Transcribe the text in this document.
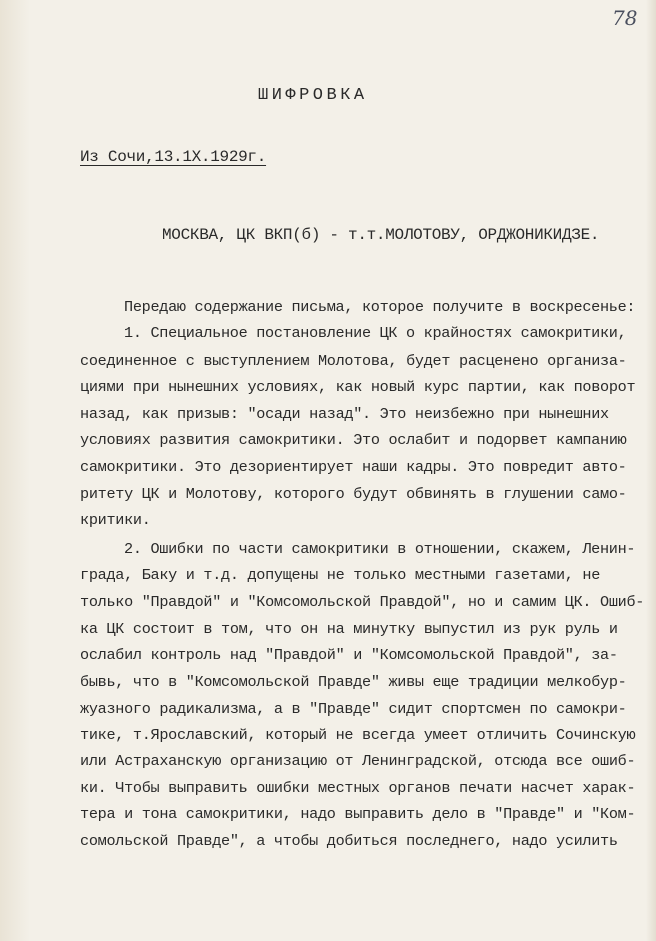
78
ШИФРОВКА
Из Сочи,13.1X.1929г.
МОСКВА, ЦК ВКП(б) - т.т.МОЛОТОВУ, ОРДЖОНИКИДЗЕ.
Передаю содержание письма, которое получите в воскресенье:
1. Специальное постановление ЦК о крайностях самокритики,
соединенное с выступлением Молотова, будет расценено организа-
циями при нынешних условиях, как новый курс партии, как поворот
назад, как призыв: "осади назад". Это неизбежно при нынешних
условиях развития самокритики. Это ослабит и подорвет кампанию
самокритики. Это дезориентирует наши кадры. Это повредит авто-
ритету ЦК и Молотову, которого будут обвинять в глушении само-
критики.
2. Ошибки по части самокритики в отношении, скажем, Ленин-
града, Баку и т.д. допущены не только местными газетами, не
только "Правдой" и "Комсомольской Правдой", но и самим ЦК. Ошиб-
ка ЦК состоит в том, что он на минутку выпустил из рук руль и
ослабил контроль над "Правдой" и "Комсомольской Правдой", за-
бывь, что в "Комсомольской Правде" живы еще традиции мелкобур-
жуазного радикализма, а в "Правде" сидит спортсмен по самокри-
тике, т.Ярославский, который не всегда умеет отличить Сочинскую
или Астраханскую организацию от Ленинградской, отсюда все ошиб-
ки. Чтобы выправить ошибки местных органов печати насчет харак-
тера и тона самокритики, надо выправить дело в "Правде" и "Ком-
сомольской Правде", а чтобы добиться последнего, надо усилить
